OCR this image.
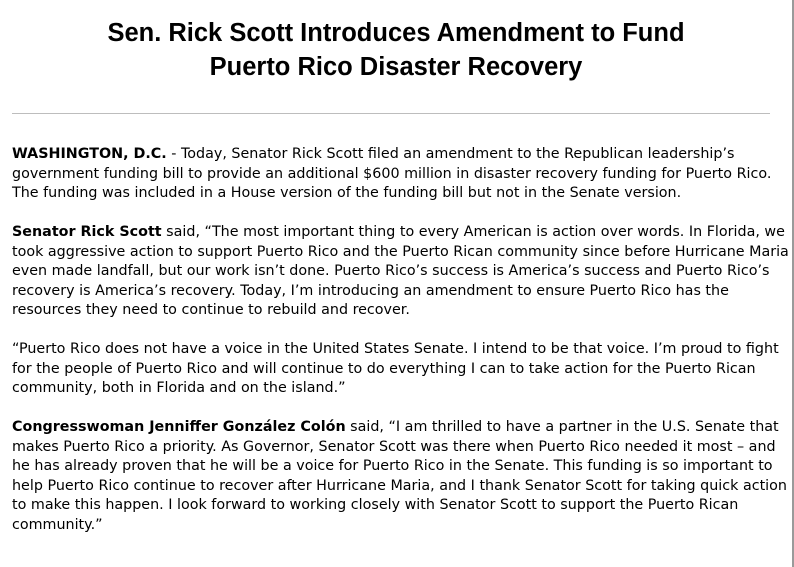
Sen. Rick Scott Introduces Amendment to Fund
Puerto Rico Disaster Recovery

WASHINGTON, D.C. - Today, Senator Rick Scott filed an amendment to the Republican leadership’s
government funding bill to provide an additional $600 million in disaster recovery funding for Puerto Rico.
The funding was included in a House version of the funding bill but not in the Senate version.

Senator Rick Scott said, “The most important thing to every American is action over words. In Florida, we
took aggressive action to support Puerto Rico and the Puerto Rican community since before Hurricane Maria
even made landfall, but our work isn’t done. Puerto Rico’s success is America’s success and Puerto Rico’s
recovery is America’s recovery. Today, I’m introducing an amendment to ensure Puerto Rico has the
resources they need to continue to rebuild and recover.

“Puerto Rico does not have a voice in the United States Senate. I intend to be that voice. I’m proud to fight
for the people of Puerto Rico and will continue to do everything I can to take action for the Puerto Rican
community, both in Florida and on the island.”

Congresswoman Jenniffer González Colón said, “I am thrilled to have a partner in the U.S. Senate that
makes Puerto Rico a priority. As Governor, Senator Scott was there when Puerto Rico needed it most – and
he has already proven that he will be a voice for Puerto Rico in the Senate. This funding is so important to
help Puerto Rico continue to recover after Hurricane Maria, and I thank Senator Scott for taking quick action
to make this happen. I look forward to working closely with Senator Scott to support the Puerto Rican
community.”
